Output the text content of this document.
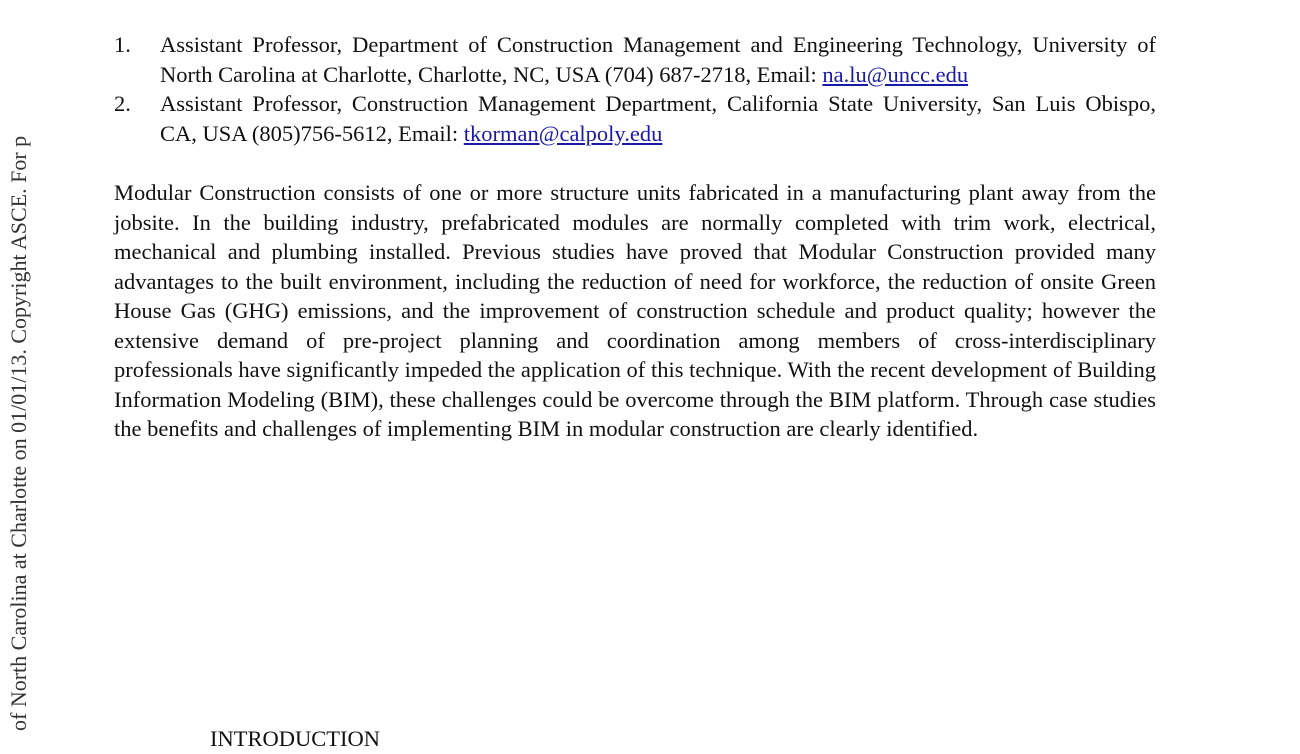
of North Carolina at Charlotte on 01/01/13. Copyright ASCE. For p
1.	Assistant Professor, Department of Construction Management and Engineering Technology, University of North Carolina at Charlotte, Charlotte, NC, USA (704) 687-2718, Email: na.lu@uncc.edu
2.	Assistant Professor, Construction Management Department, California State University, San Luis Obispo, CA, USA (805)756-5612, Email: tkorman@calpoly.edu

Modular Construction consists of one or more structure units fabricated in a manufacturing plant away from the jobsite. In the building industry, prefabricated modules are normally completed with trim work, electrical, mechanical and plumbing installed. Previous studies have proved that Modular Construction provided many advantages to the built environment, including the reduction of need for workforce, the reduction of onsite Green House Gas (GHG) emissions, and the improvement of construction schedule and product quality; however the extensive demand of pre-project planning and coordination among members of cross-interdisciplinary professionals have significantly impeded the application of this technique. With the recent development of Building Information Modeling (BIM), these challenges could be overcome through the BIM platform. Through case studies the benefits and challenges of implementing BIM in modular construction are clearly identified.

INTRODUCTION
